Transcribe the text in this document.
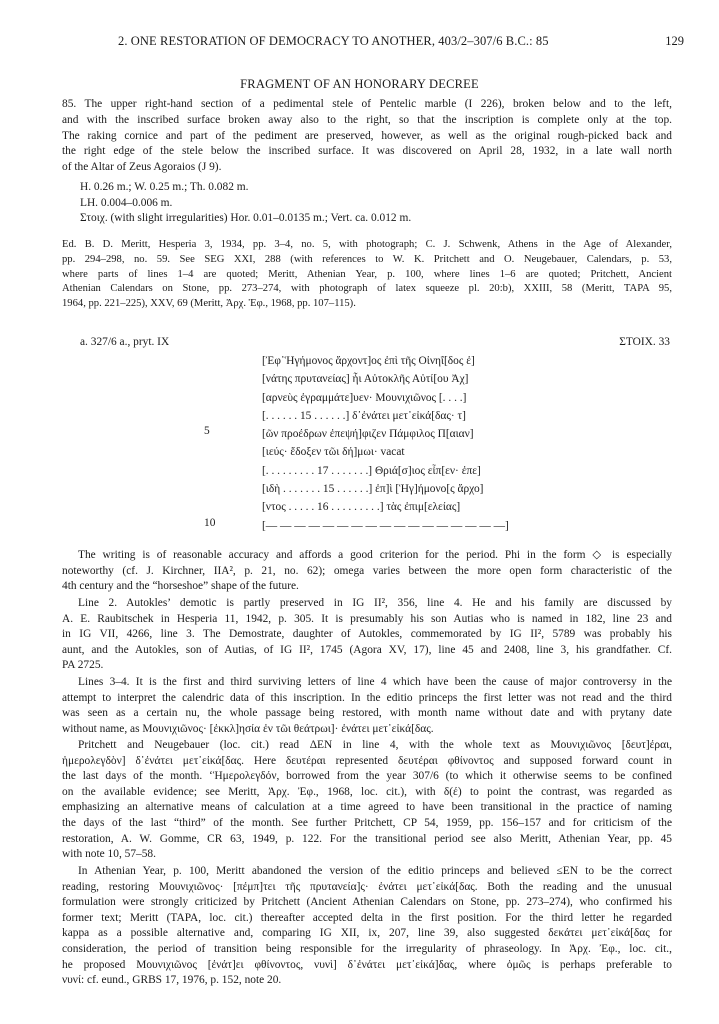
2. ONE RESTORATION OF DEMOCRACY TO ANOTHER, 403/2–307/6 B.C.: 85	129
FRAGMENT OF AN HONORARY DECREE
85. The upper right-hand section of a pedimental stele of Pentelic marble (I 226), broken below and to the left,
and with the inscribed surface broken away also to the right, so that the inscription is complete only at the top.
The raking cornice and part of the pediment are preserved, however, as well as the original rough-picked back and
the right edge of the stele below the inscribed surface. It was discovered on April 28, 1932, in a late wall north
of the Altar of Zeus Agoraios (J 9).
H. 0.26 m.; W. 0.25 m.; Th. 0.082 m.
LH. 0.004–0.006 m.
Στοιχ. (with slight irregularities) Hor. 0.01–0.0135 m.; Vert. ca. 0.012 m.
Ed. B. D. Meritt, Hesperia 3, 1934, pp. 3–4, no. 5, with photograph; C. J. Schwenk, Athens in the Age of Alexander,
pp. 294–298, no. 59. See SEG XXI, 288 (with references to W. K. Pritchett and O. Neugebauer, Calendars, p. 53,
where parts of lines 1–4 are quoted; Meritt, Athenian Year, p. 100, where lines 1–6 are quoted; Pritchett, Ancient
Athenian Calendars on Stone, pp. 273–274, with photograph of latex squeeze pl. 20:b), XXIII, 58 (Meritt, TAPA 95,
1964, pp. 221–225), XXV, 69 (Meritt, Ἀρχ. Ἐφ., 1968, pp. 107–115).
a. 327/6 a., pryt. IX	ΣΤΟΙΧ. 33
[Ἐφ᾿Ἡγήμονος ἄρχοντ]ος ἐπὶ τῆς Οἰνηΐ[δος ἐ]
[νάτης πρυτανείας] ἧι Αὐτοκλῆς Αὐτί[ου Ἀχ]
[αρνεὺς ἐγραμμάτε]υεν· Μουνιχιῶνος [. . . .]
[. . . . . . 15 . . . . . .] δ᾿ἐνάτει μετ᾿εἰκά[δας· τ]
[ῶν προέδρων ἐπεψή]φιζεν Πάμφιλος Π[αιαν]
[ιεύς· ἔδοξεν τῶι δή]μωι· vacat
[. . . . . . . . . 17 . . . . . . .] Θριά[σ]ιος εἶπ[εν· ἐπε]
[ιδὴ . . . . . . . 15 . . . . . .] ἐπ]ὶ [Ἡγ]ήμονο[ς ἄρχο]
[ντος . . . . . 16 . . . . . . . . .] τὰς ἐπιμ[ελείας]
[— — — — — — — — — — — — — — — — —]
5
10
The writing is of reasonable accuracy and affords a good criterion for the period. Phi in the form ◇ is especially
noteworthy (cf. J. Kirchner, IIA², p. 21, no. 62); omega varies between the more open form characteristic of the
4th century and the “horseshoe” shape of the future.
Line 2. Autokles’ demotic is partly preserved in IG II², 356, line 4. He and his family are discussed by
A. E. Raubitschek in Hesperia 11, 1942, p. 305. It is presumably his son Autias who is named in 182, line 23 and
in IG VII, 4266, line 3. The Demostrate, daughter of Autokles, commemorated by IG II², 5789 was probably his
aunt, and the Autokles, son of Autias, of IG II², 1745 (Agora XV, 17), line 45 and 2408, line 3, his grandfather. Cf.
PA 2725.
Lines 3–4. It is the first and third surviving letters of line 4 which have been the cause of major controversy in the
attempt to interpret the calendric data of this inscription. In the editio princeps the first letter was not read and the third
was seen as a certain nu, the whole passage being restored, with month name without date and with prytany date
without name, as Μουνιχιῶνος· [ἐκκλ]ησία ἐν τῶι θεάτρωι]· ἐνάτει μετ᾿εἰκά[δας.
Pritchett and Neugebauer (loc. cit.) read ΔΕΝ in line 4, with the whole text as Μουνιχιῶνος [δευτ]έραι,
ἡμερολεγδὸν] δ᾿ἐνάτει μετ᾿εἰκά[δας. Here δευτέραι represented δευτέραι φθίνοντος and supposed forward count in
the last days of the month. ‘Ἡμερολεγδόν, borrowed from the year 307/6 (to which it otherwise seems to be confined
on the available evidence; see Meritt, Ἀρχ. Ἐφ., 1968, loc. cit.), with δ(έ) to point the contrast, was regarded as
emphasizing an alternative means of calculation at a time agreed to have been transitional in the practice of naming
the days of the last “third” of the month. See further Pritchett, CP 54, 1959, pp. 156–157 and for criticism of the
restoration, A. W. Gomme, CR 63, 1949, p. 122. For the transitional period see also Meritt, Athenian Year, pp. 45
with note 10, 57–58.
In Athenian Year, p. 100, Meritt abandoned the version of the editio princeps and believed ≤ΕΝ to be the correct
reading, restoring Μουνιχιῶνος· [πέμπ]τει τῆς πρυτανεία]ς· ἐνάτει μετ᾿εἰκά[δας. Both the reading and the unusual
formulation were strongly criticized by Pritchett (Ancient Athenian Calendars on Stone, pp. 273–274), who confirmed his
former text; Meritt (TAPA, loc. cit.) thereafter accepted delta in the first position. For the third letter he regarded
kappa as a possible alternative and, comparing IG XII, ix, 207, line 39, also suggested δεκάτει μετ᾿εἰκά[δας for
consideration, the period of transition being responsible for the irregularity of phraseology. In Ἀρχ. Ἐφ., loc. cit.,
he proposed Μουνιχιῶνος [ἐνάτ]ει φθίνοντος, νυνὶ] δ᾿ἐνάτει μετ᾿εἰκά]δας, where ὁμῶς is perhaps preferable to
νυνί: cf. eund., GRBS 17, 1976, p. 152, note 20.
